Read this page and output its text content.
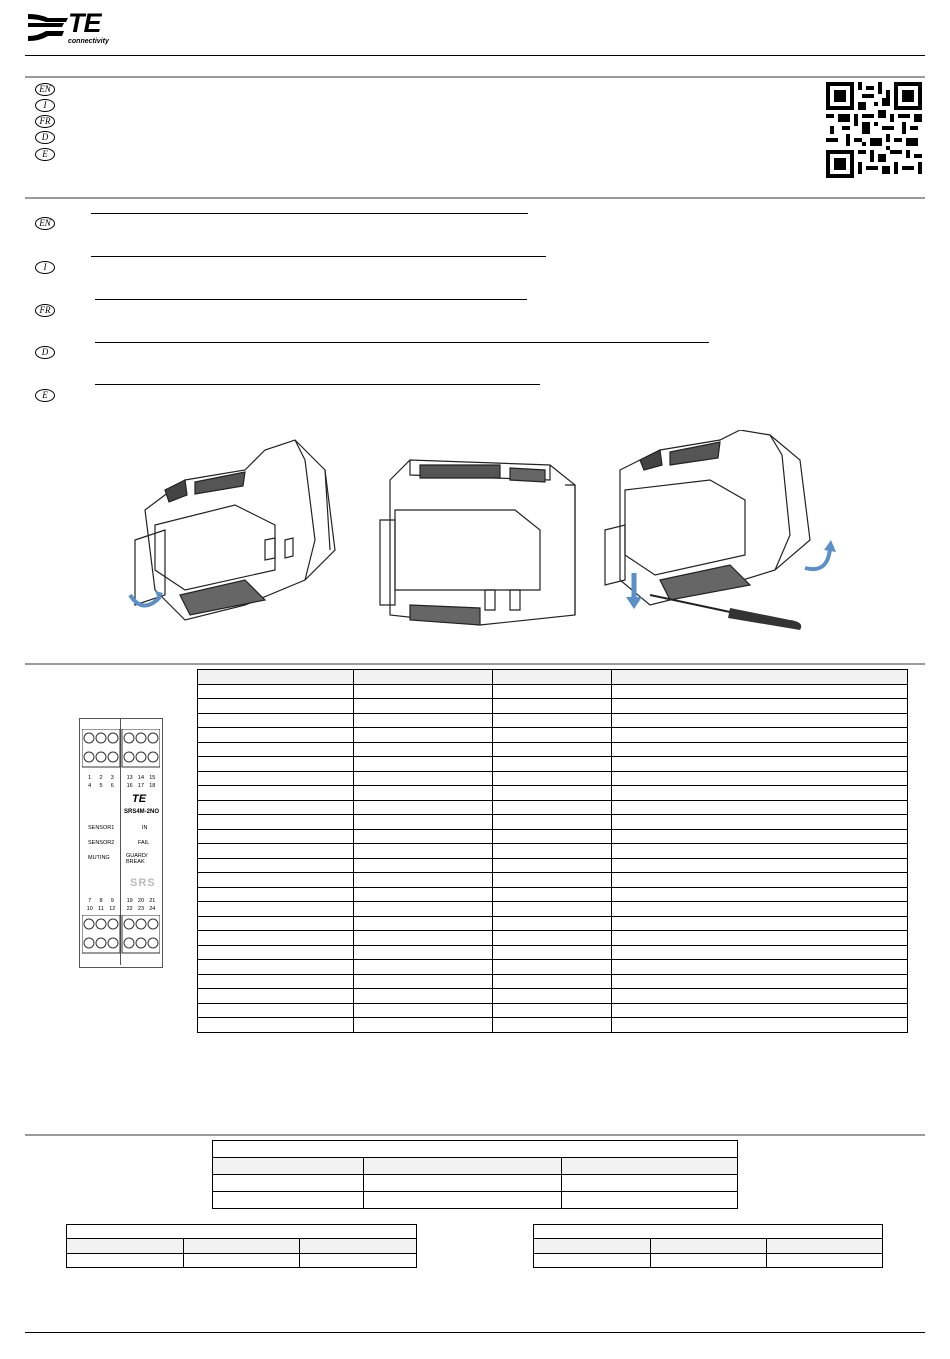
TE
connectivity
EN
I
FR
D
E
EN
I
FR
D
E
1 2 3
4 5 6
13 14 15
16 17 18
TE
SRS4M-2NO
SENSOR1
SENSOR2
MUTING
IN
FAIL
GUARD/ BREAK
SRS
7 8 9
10 11 12
19 20 21
22 23 24
